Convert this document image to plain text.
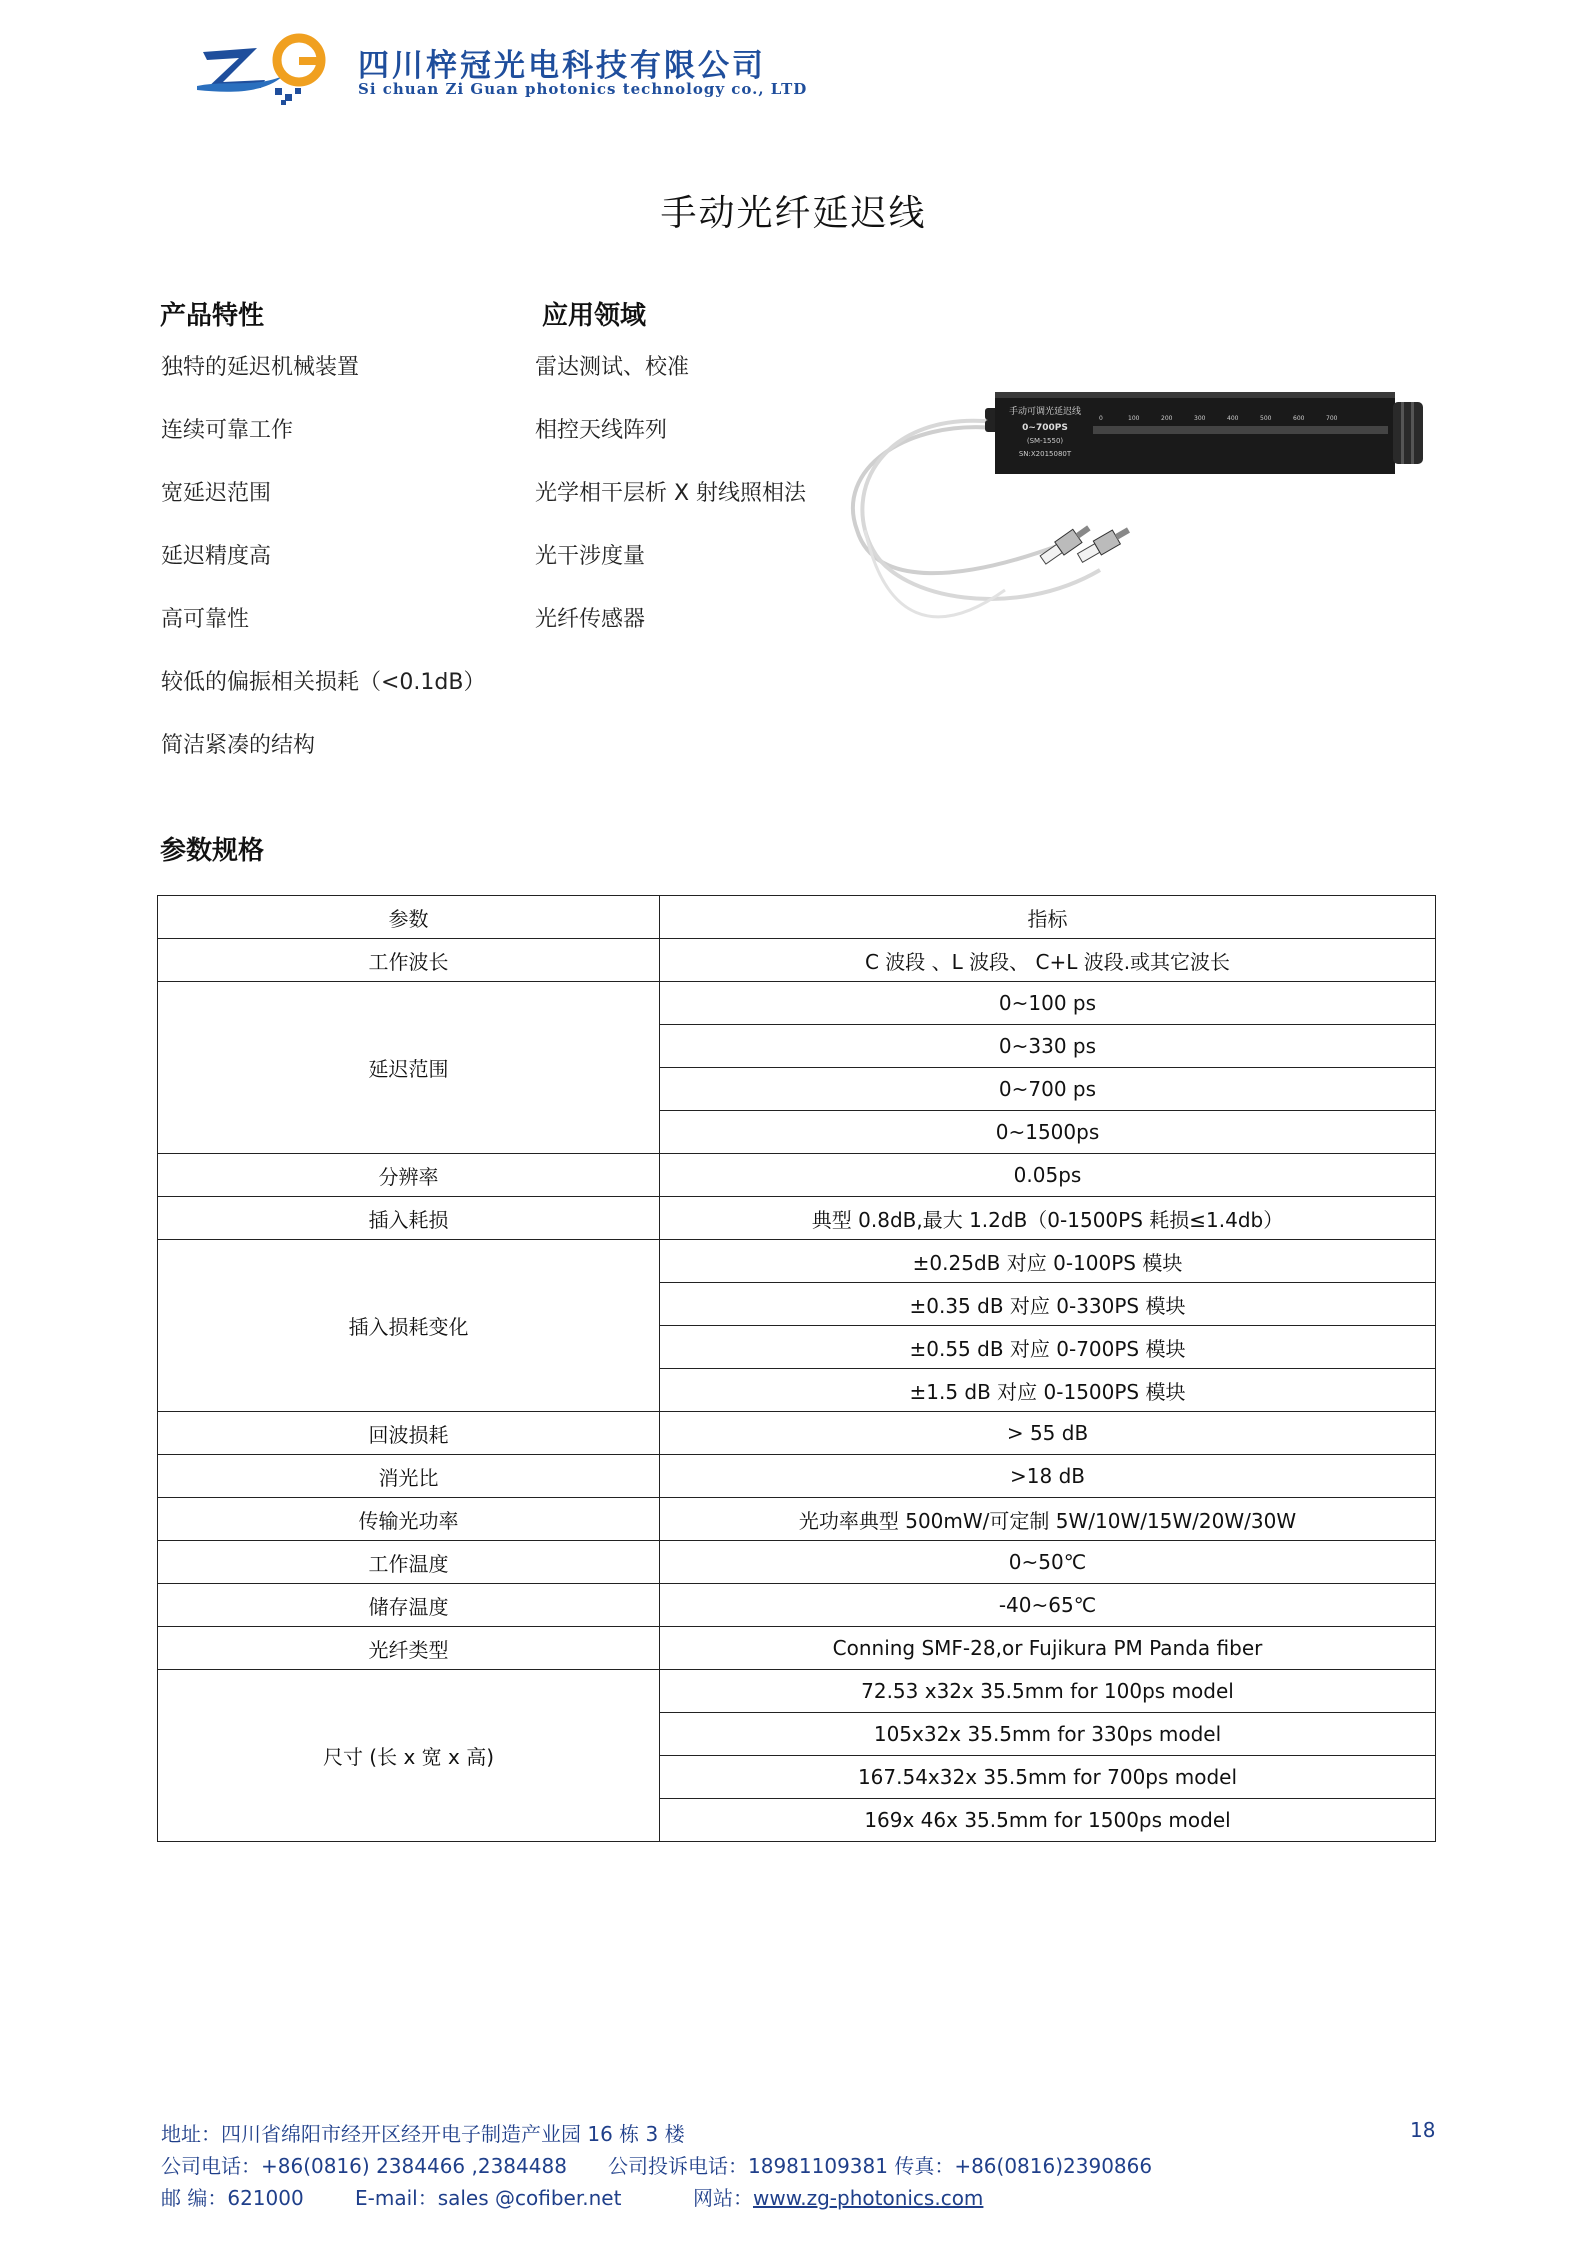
四川梓冠光电科技有限公司
Si chuan Zi Guan photonics technology co., LTD
手动光纤延迟线
产品特性	应用领域
独特的延迟机械装置
连续可靠工作
宽延迟范围
延迟精度高
高可靠性
较低的偏振相关损耗（<0.1dB）
简洁紧凑的结构
雷达测试、校准
相控天线阵列
光学相干层析 X 射线照相法
光干涉度量
光纤传感器
手动可调光延迟线
0~700PS
(SM-1550)
SN:X2015080T
0	100	200	300	400	500	600	700
参数规格
参数	指标
工作波长	C 波段 、L 波段、 C+L 波段.或其它波长
延迟范围	0~100 ps
	0~330 ps
	0~700 ps
	0~1500ps
分辨率	0.05ps
插入耗损	典型 0.8dB,最大 1.2dB（0-1500PS 耗损≤1.4db）
插入损耗变化	±0.25dB 对应 0-100PS 模块
	±0.35 dB 对应 0-330PS 模块
	±0.55 dB 对应 0-700PS 模块
	±1.5 dB 对应 0-1500PS 模块
回波损耗	> 55 dB
消光比	>18 dB
传输光功率	光功率典型 500mW/可定制 5W/10W/15W/20W/30W
工作温度	0~50℃
储存温度	-40~65℃
光纤类型	Conning SMF-28,or Fujikura PM Panda fiber
尺寸 (长 x 宽 x 高)	72.53 x32x 35.5mm for 100ps model
	105x32x 35.5mm for 330ps model
	167.54x32x 35.5mm for 700ps model
	169x 46x 35.5mm for 1500ps model
地址：四川省绵阳市经开区经开电子制造产业园 16 栋 3 楼	18
公司电话：+86(0816) 2384466 ,2384488 公司投诉电话：18981109381 传真：+86(0816)2390866
邮 编：621000	E-mail：sales @cofiber.net	网站：www.zg-photonics.com
